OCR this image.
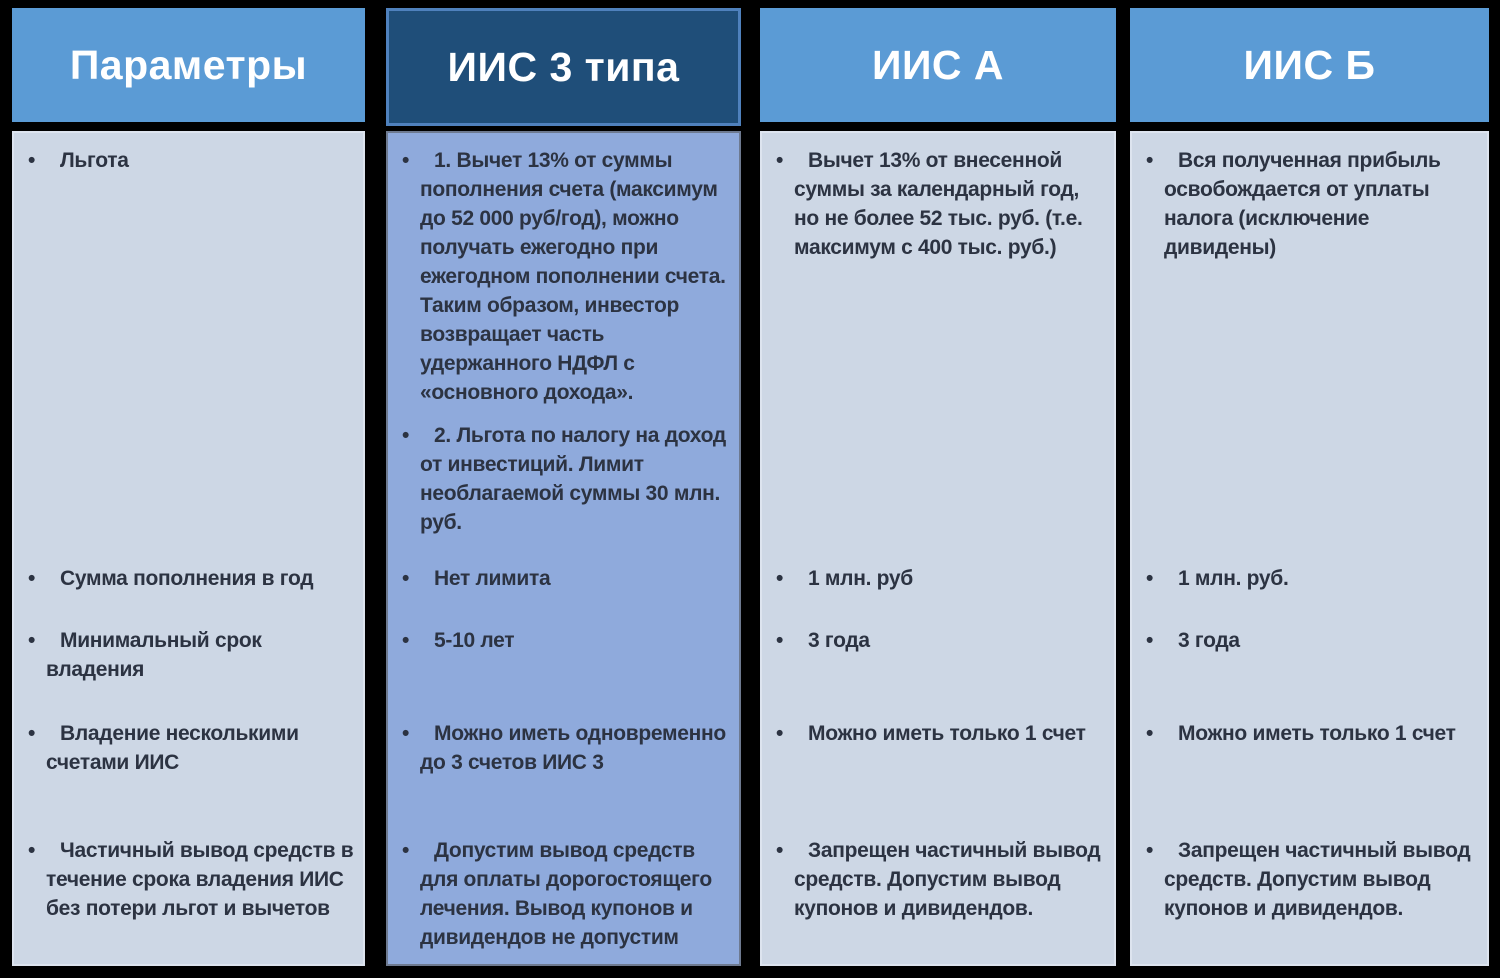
Параметры
• Льгота
• Сумма пополнения в год
• Минимальный срок владения
• Владение несколькими счетами ИИС
• Частичный вывод средств в течение срока владения ИИС без потери льгот и вычетов
ИИС 3 типа
• 1. Вычет 13% от суммы пополнения счета (максимум до 52 000 руб/год), можно получать ежегодно при ежегодном пополнении счета. Таким образом, инвестор возвращает часть удержанного НДФЛ с «основного дохода».
• 2. Льгота по налогу на доход от инвестиций. Лимит необлагаемой суммы 30 млн. руб.
• Нет лимита
• 5-10 лет
• Можно иметь одновременно до 3 счетов ИИС 3
• Допустим вывод средств для оплаты дорогостоящего лечения. Вывод купонов и дивидендов не допустим
ИИС А
• Вычет 13% от внесенной суммы за календарный год, но не более 52 тыс. руб. (т.е. максимум с 400 тыс. руб.)
• 1 млн. руб
• 3 года
• Можно иметь только 1 счет
• Запрещен частичный вывод средств. Допустим вывод купонов и дивидендов.
ИИС Б
• Вся полученная прибыль освобождается от уплаты налога (исключение дивидены)
• 1 млн. руб.
• 3 года
• Можно иметь только 1 счет
• Запрещен частичный вывод средств. Допустим вывод купонов и дивидендов.
